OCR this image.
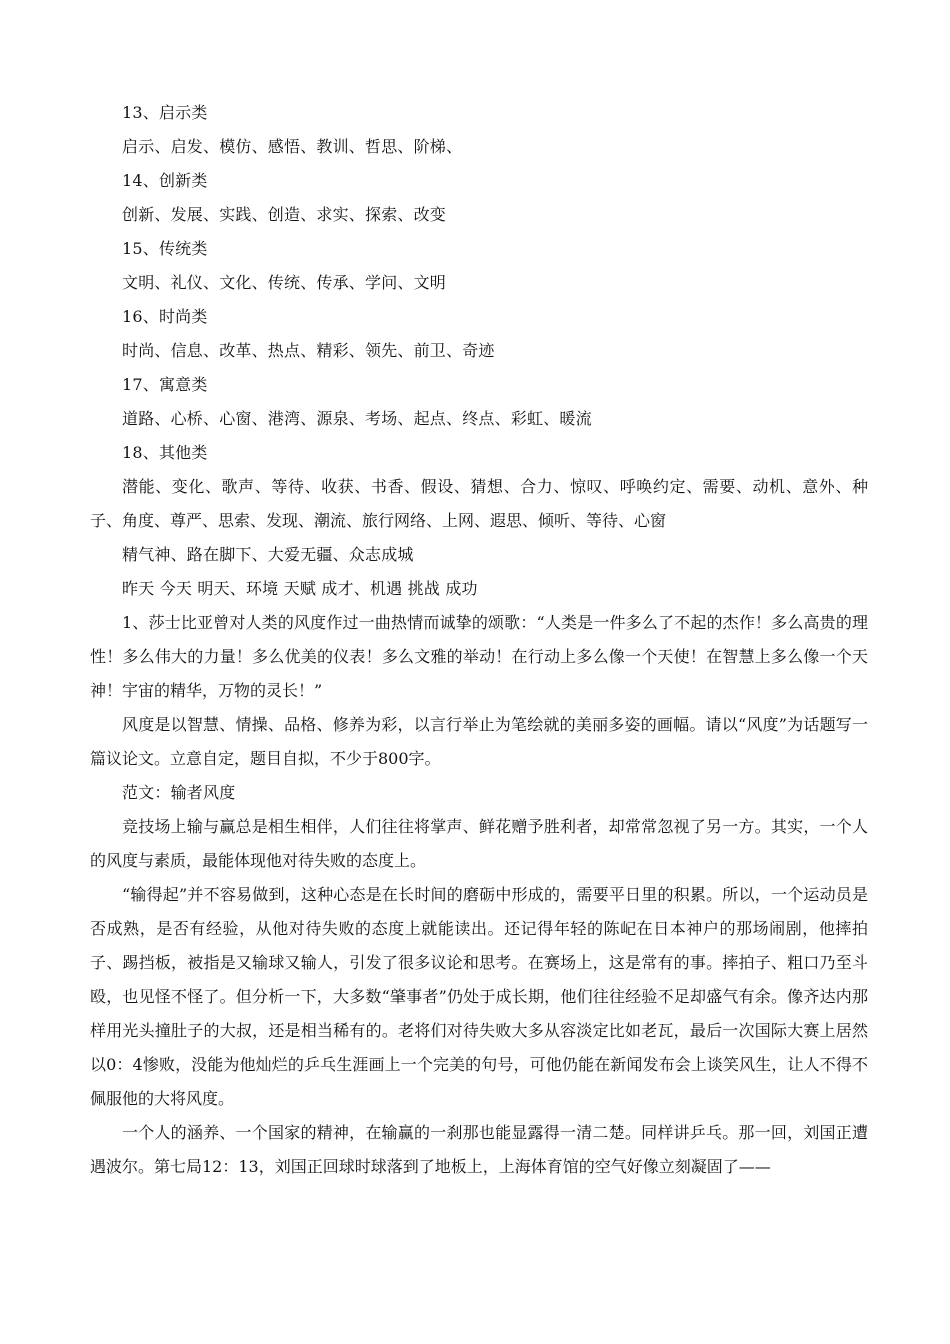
13、启示类
启示、启发、模仿、感悟、教训、哲思、阶梯、
14、创新类
创新、发展、实践、创造、求实、探索、改变
15、传统类
文明、礼仪、文化、传统、传承、学问、文明
16、时尚类
时尚、信息、改革、热点、精彩、领先、前卫、奇迹
17、寓意类
道路、心桥、心窗、港湾、源泉、考场、起点、终点、彩虹、暖流
18、其他类
潜能、变化、歌声、等待、收获、书香、假设、猜想、合力、惊叹、呼唤约定、需要、动机、意外、种子、角度、尊严、思索、发现、潮流、旅行网络、上网、遐思、倾听、等待、心窗
精气神、路在脚下、大爱无疆、众志成城
昨天 今天 明天、环境 天赋 成才、机遇 挑战 成功
1、莎士比亚曾对人类的风度作过一曲热情而诚挚的颂歌：“人类是一件多么了不起的杰作！多么高贵的理性！多么伟大的力量！多么优美的仪表！多么文雅的举动！在行动上多么像一个天使！在智慧上多么像一个天神！宇宙的精华，万物的灵长！”
风度是以智慧、情操、品格、修养为彩，以言行举止为笔绘就的美丽多姿的画幅。请以“风度”为话题写一篇议论文。立意自定，题目自拟，不少于800字。
范文：输者风度
竞技场上输与赢总是相生相伴，人们往往将掌声、鲜花赠予胜利者，却常常忽视了另一方。其实，一个人的风度与素质，最能体现他对待失败的态度上。
“输得起”并不容易做到，这种心态是在长时间的磨砺中形成的，需要平日里的积累。所以，一个运动员是否成熟，是否有经验，从他对待失败的态度上就能读出。还记得年轻的陈屺在日本神户的那场闹剧，他摔拍子、踢挡板，被指是又输球又输人，引发了很多议论和思考。在赛场上，这是常有的事。摔拍子、粗口乃至斗殴，也见怪不怪了。但分析一下，大多数“肇事者”仍处于成长期，他们往往经验不足却盛气有余。像齐达内那样用光头撞肚子的大叔，还是相当稀有的。老将们对待失败大多从容淡定比如老瓦，最后一次国际大赛上居然以0：4惨败，没能为他灿烂的乒乓生涯画上一个完美的句号，可他仍能在新闻发布会上谈笑风生，让人不得不佩服他的大将风度。
一个人的涵养、一个国家的精神，在输赢的一刹那也能显露得一清二楚。同样讲乒乓。那一回，刘国正遭遇波尔。第七局12：13，刘国正回球时球落到了地板上，上海体育馆的空气好像立刻凝固了——
